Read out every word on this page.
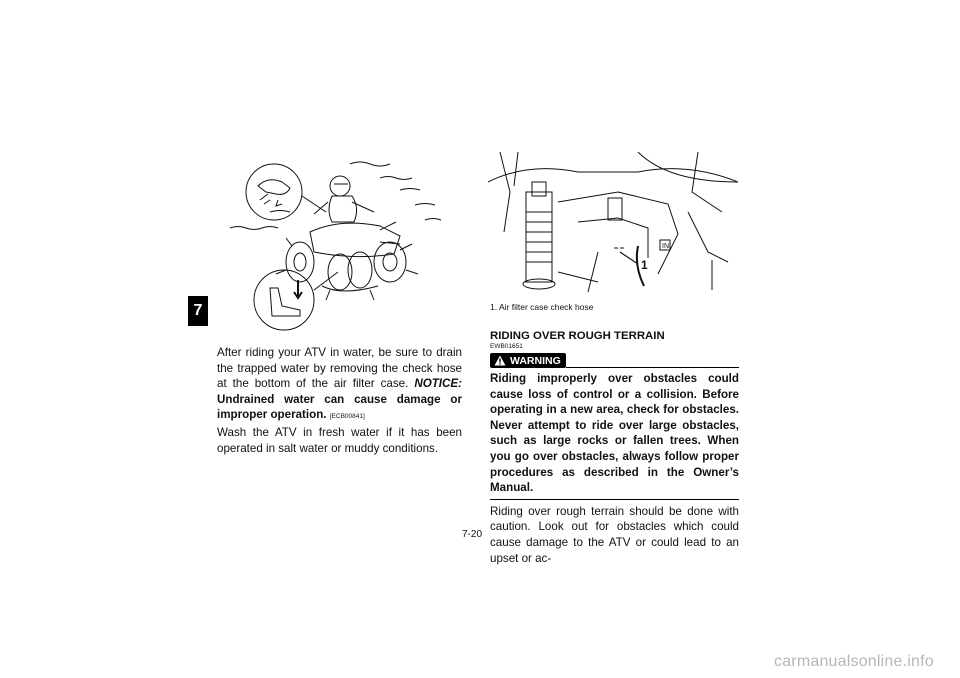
7
IN
1
1. Air filter case check hose

After riding your ATV in water, be sure to drain the trapped water by removing the check hose at the bottom of the air filter case. NOTICE: Undrained water can cause damage or improper operation. [ECB00841]

Wash the ATV in fresh water if it has been operated in salt water or muddy conditions.

RIDING OVER ROUGH TERRAIN

EWB01651

WARNING

Riding improperly over obstacles could cause loss of control or a collision. Before operating in a new area, check for obstacles. Never attempt to ride over large obstacles, such as large rocks or fallen trees. When you go over obstacles, always follow proper procedures as described in the Owner’s Manual.

Riding over rough terrain should be done with caution. Look out for obstacles which could cause damage to the ATV or could lead to an upset or ac-

7-20
carmanualsonline.info
